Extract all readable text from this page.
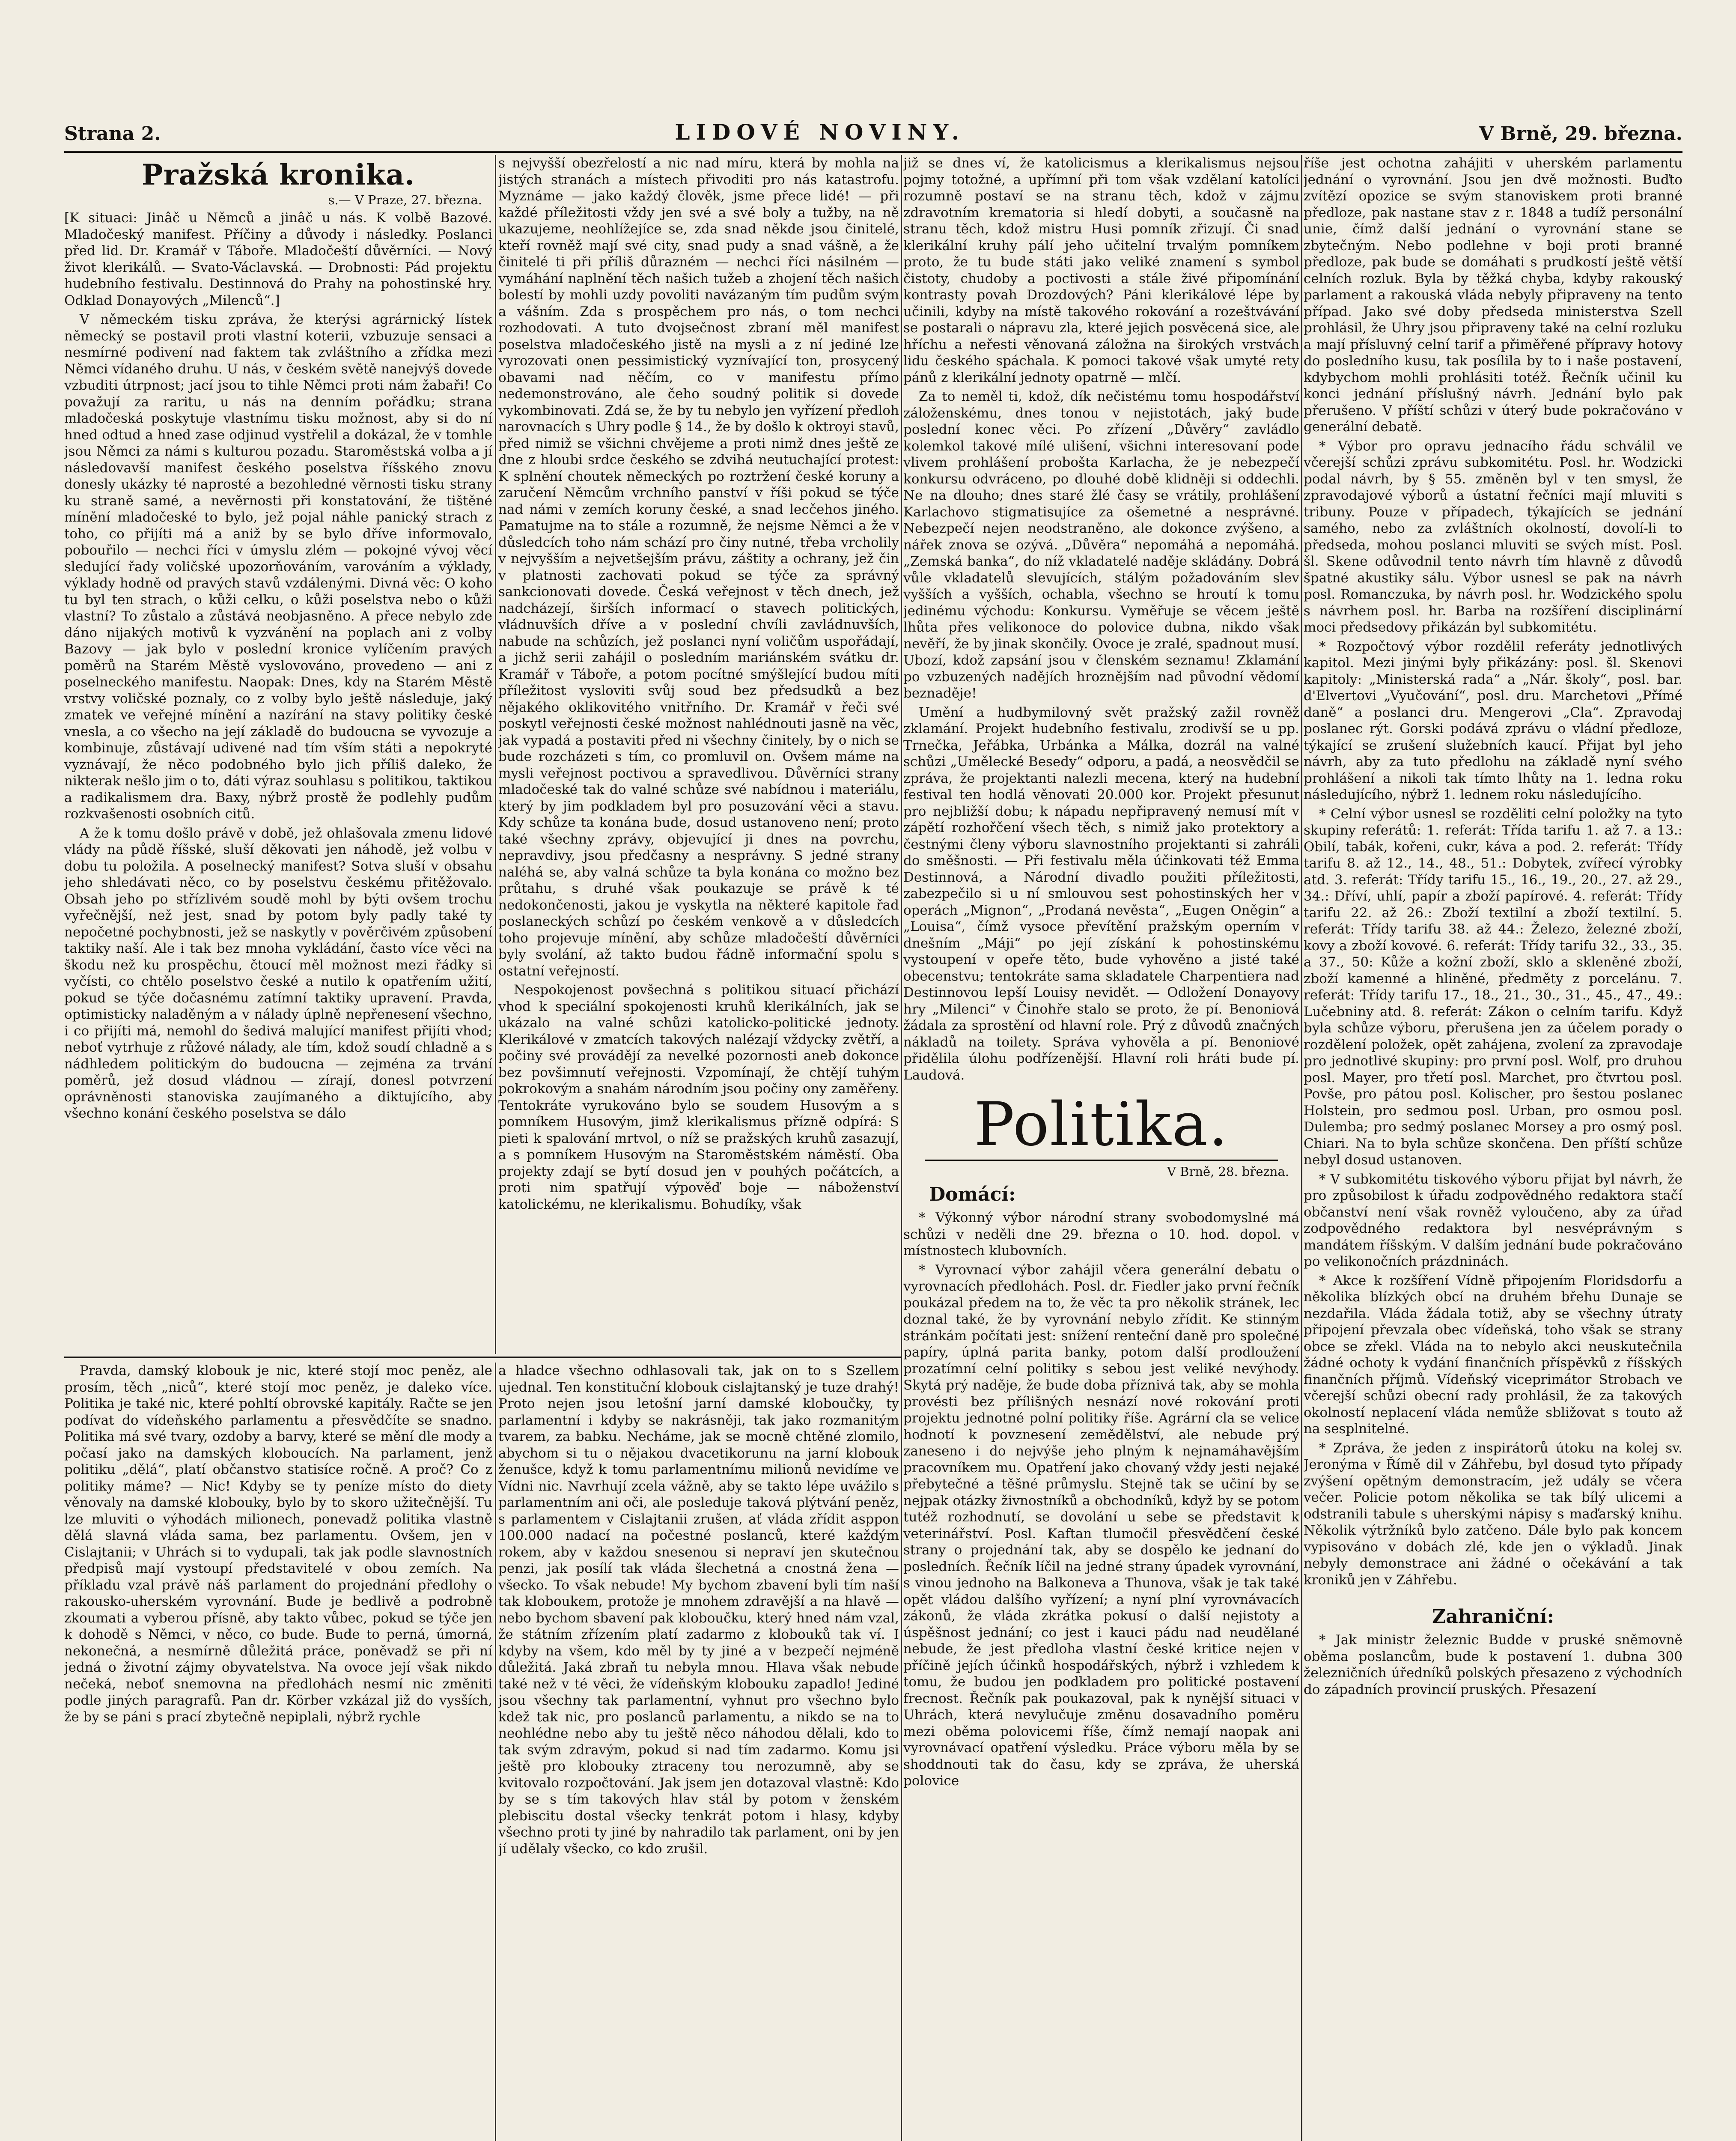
Strana 2.	LIDOVÉ NOVINY.	V Brně, 29. března.
Pražská kronika.
s.— V Praze, 27. března.

[K situaci: Jinâč u Němců a jinâč u nás. K volbě Bazové. Mladočeský manifest. Příčiny a důvody i následky. Poslanci před lid. Dr. Kramář v Táboře. Mladočeští důvěrníci. — Nový život klerikálů. — Svato-Václavská. — Drobnosti: Pád projektu hudebního festivalu. Destinnová do Prahy na pohostinské hry. Odklad Donayových „Milenců“.]

V německém tisku zpráva, že kterýsi agrárnický lístek německý se postavil proti vlastní koterii, vzbuzuje sensaci a nesmírné podivení nad faktem tak zvláštního a zřídka mezi Němci vídaného druhu. U nás, v českém světě nanejvýš dovede vzbuditi útrpnost; jací jsou to tihle Němci proti nám žabaři! Co považují za raritu, u nás na denním pořádku; strana mladočeská poskytuje vlastnímu tisku možnost, aby si do ní hned odtud a hned zase odjinud vystřelil a dokázal, že v tomhle jsou Němci za námi s kulturou pozadu. Staroměstská volba a jí následovavší manifest českého poselstva říšského znovu donesly ukázky té naprosté a bezohledné věrnosti tisku strany ku straně samé, a nevěrnosti při konstatování, že tištěné mínění mladočeské to bylo, jež pojal náhle panický strach z toho, co přijíti má a aniž by se bylo dříve informovalo, pobouřilo — nechci říci v úmyslu zlém — pokojné vývoj věcí sledující řady voličské upozorňováním, varováním a výklady, výklady hodně od pravých stavů vzdálenými. Divná věc: O koho tu byl ten strach, o kůži celku, o kůži poselstva nebo o kůži vlastní? To zůstalo a zůstává neobjasněno. A přece nebylo zde dáno nijakých motivů k vyzvánění na poplach ani z volby Bazovy — jak bylo v poslední kronice vylíčením pravých poměrů na Starém Městě vyslovováno, provedeno — ani z poselneckého manifestu. Naopak: Dnes, kdy na Starém Městě vrstvy voličské poznaly, co z volby bylo ještě následuje, jaký zmatek ve veřejné mínění a nazírání na stavy politiky české vnesla, a co všecho na její základě do budoucna se vyvozuje a kombinuje, zůstávají udivené nad tím vším státi a nepokryté vyznávají, že něco podobného bylo jich příliš daleko, že nikterak nešlo jim o to, dáti výraz souhlasu s politikou, taktikou a radikalismem dra. Baxy, nýbrž prostě že podlehly pudům rozkvašenosti osobních citů.

A že k tomu došlo právě v době, jež ohlašovala zmenu lidové vlády na půdě říšské, sluší děkovati jen náhodě, jež volbu v dobu tu položila. A poselnecký manifest? Sotva sluší v obsahu jeho shledávati něco, co by poselstvu českému přitěžovalo. Obsah jeho po střízlivém soudě mohl by býti ovšem trochu vyřečnější, než jest, snad by potom byly padly také ty nepočetné pochybnosti, jež se naskytly v pověrčivém způsobení taktiky naší. Ale i tak bez mnoha vykládání, často více věci na škodu než ku prospěchu, čtoucí měl možnost mezi řádky si vyčísti, co chtělo poselstvo české a nutilo k opatřením užití, pokud se týče dočasnému zatímní taktiky upravení. Pravda, optimisticky naladěným a v nálady úplně nepřenesení všechno, i co přijíti má, nemohl do šedivá malující manifest přijíti vhod; neboť vytrhuje z růžové nálady, ale tím, kdož soudí chladně a s nádhledem politickým do budoucna — zejména za trvání poměrů, jež dosud vládnou — zírají, donesl potvrzení oprávněnosti stanoviska zaujímaného a diktujícího, aby všechno konání českého poselstva se dálo

s nejvyšší obezřelostí a nic nad míru, která by mohla na jistých stranách a místech přivoditi pro nás katastrofu. Myznáme — jako každý člověk, jsme přece lidé! — při každé příležitosti vždy jen své a své boly a tužby, na ně ukazujeme, neohlížejíce se, zda snad někde jsou činitelé, kteří rovněž mají své city, snad pudy a snad vášně, a že činitelé ti při příliš důrazném — nechci říci násilném — vymáhání naplnění těch našich tužeb a zhojení těch našich bolestí by mohli uzdy povoliti navázaným tím pudům svým a vášním. Zda s prospěchem pro nás, o tom nechci rozhodovati. A tuto dvojsečnost zbraní měl manifest poselstva mladočeského jistě na mysli a z ní jediné lze vyrozovati onen pessimistický vyznívající ton, prosycený obavami nad něčím, co v manifestu přímo nedemonstrováno, ale čeho soudný politik si dovede vykombinovati. Zdá se, že by tu nebylo jen vyřízení předloh narovnacích s Uhry podle § 14., že by došlo k oktroyi stavů, před nimiž se všichni chvějeme a proti nimž dnes ještě ze dne z hloubi srdce českého se zdvihá neutuchající protest: K splnění choutek německých po roztržení české koruny a zaručení Němcům vrchního panství v říši pokud se týče nad námi v zemích koruny české, a snad lecčehos jiného. Pamatujme na to stále a rozumně, že nejsme Němci a že v důsledcích toho nám schází pro činy nutné, třeba vrcholily v nejvyšším a nejvetšejším právu, záštity a ochrany, jež čin v platnosti zachovati pokud se týče za správný sankcionovati dovede. Česká veřejnost v těch dnech, jež nadcházejí, širších informací o stavech politických, vládnuvších dříve a v poslední chvíli zavládnuvších, nabude na schůzích, jež poslanci nyní voličům uspořádají, a jichž serii zahájil o posledním mariánském svátku dr. Kramář v Táboře, a potom pocítné smýšlející budou míti příležitost vysloviti svůj soud bez předsudků a bez nějakého oklikovitého vnitřního. Dr. Kramář v řeči své poskytl veřejnosti české možnost nahlédnouti jasně na věc, jak vypadá a postaviti před ni všechny činitely, by o nich se bude rozcházeti s tím, co promluvil on. Ovšem máme na mysli veřejnost poctivou a spravedlivou. Důvěrníci strany mladočeské tak do valné schůze své nabídnou i materiálu, který by jim podkladem byl pro posuzování věci a stavu. Kdy schůze ta konána bude, dosud ustanoveno není; proto také všechny zprávy, objevující ji dnes na povrchu, nepravdivy, jsou předčasny a nesprávny. S jedné strany naléhá se, aby valná schůze ta byla konána co možno bez průtahu, s druhé však poukazuje se právě k té nedokončenosti, jakou je vyskytla na některé kapitole řad poslaneckých schůzí po českém venkově a v důsledcích toho projevuje mínění, aby schůze mladočeští důvěrníci byly svolání, až takto budou řádně informační spolu s ostatní veřejností.

Nespokojenost povšechná s politikou situací přichází vhod k speciální spokojenosti kruhů klerikálních, jak se ukázalo na valné schůzi katolicko-politické jednoty. Klerikálové v zmatcích takových nalézají vždycky zvětří, a počiny své provádějí za nevelké pozornosti aneb dokonce bez povšimnutí veřejnosti. Vzpomínají, že chtějí tuhým pokrokovým a snahám národním jsou počiny ony zaměřeny. Tentokráte vyrukováno bylo se soudem Husovým a s pomníkem Husovým, jimž klerikalismus přízně odpírá: S pieti k spalování mrtvol, o níž se pražských kruhů zasazují, a s pomníkem Husovým na Staroměstském náměstí. Oba projekty zdají se bytí dosud jen v pouhých počátcích, a proti nim spatřují výpověď boje — náboženství katolickému, ne klerikalismu. Bohudíky, však

již se dnes ví, že katolicismus a klerikalismus nejsou pojmy totožné, a upřímní při tom však vzdělaní katolíci rozumně postaví se na stranu těch, kdož v zájmu zdravotním krematoria si hledí dobyti, a současně na stranu těch, kdož mistru Husi pomník zřizují. Či snad klerikální kruhy pálí jeho učitelní trvalým pomníkem proto, že tu bude státi jako veliké znamení s symbol čistoty, chudoby a poctivosti a stále živé připomínání kontrasty povah Drozdových? Páni klerikálové lépe by učinili, kdyby na místě takového rokování a rozeštvávání se postarali o nápravu zla, které jejich posvěcená sice, ale hříchu a neřesti věnovaná záložna na širokých vrstvách lidu českého spáchala. K pomoci takové však umyté rety pánů z klerikální jednoty opatrně — mlčí.

Za to neměl ti, kdož, dík nečistému tomu hospodářství záloženskému, dnes tonou v nejistotách, jaký bude poslední konec věci. Po zřízení „Důvěry“ zavládlo kolemkol takové mílé ulišení, všichni interesovaní pode vlivem prohlášení probošta Karlacha, že je nebezpečí konkursu odvráceno, po dlouhé době klidněji si oddechli. Ne na dlouho; dnes staré žlé časy se vrátily, prohlášení Karlachovo stigmatisujíce za ošemetné a nesprávné. Nebezpečí nejen neodstraněno, ale dokonce zvýšeno, a nářek znova se ozývá. „Důvěra“ nepomáhá a nepomáhá. „Zemská banka“, do níž vkladatelé naděje skládány. Dobrá vůle vkladatelů slevujících, stálým požadováním slev vyšších a vyšších, ochabla, všechno se hroutí k tomu jedinému východu: Konkursu. Vyměřuje se věcem ještě lhůta přes velikonoce do polovice dubna, nikdo však nevěří, že by jinak skončily. Ovoce je zralé, spadnout musí. Ubozí, kdož zapsání jsou v členském seznamu! Zklamání po vzbuzených nadějích hroznějším nad původní vědomí beznaděje!

Umění a hudbymilovný svět pražský zažil rovněž zklamání. Projekt hudebního festivalu, zrodivší se u pp. Trnečka, Jeřábka, Urbánka a Málka, dozrál na valné schůzi „Umělecké Besedy“ odporu, a padá, a neosvědčil se zpráva, že projektanti nalezli mecena, který na hudební festival ten hodlá věnovati 20.000 kor. Projekt přesunut pro nejbližší dobu; k nápadu nepřipravený nemusí mít v zápětí rozhořčení všech těch, s nimiž jako protektory a čestnými členy výboru slavnostního projektanti si zahráli do směšnosti. — Při festivalu měla účinkovati též Emma Destinnová, a Národní divadlo použiti příležitosti, zabezpečilo si u ní smlouvou sest pohostinských her v operách „Mignon“, „Prodaná nevěsta“, „Eugen Oněgin“ a „Louisa“, čímž vysoce převítění pražským operním v dnešním „Máji“ po její získání k pohostinskému vystoupení v opeře těto, bude vyhověno a jisté také obecenstvu; tentokráte sama skladatele Charpentiera nad Destinnovou lepší Louisy nevidět. — Odložení Donayovy hry „Milenci“ v Činohře stalo se proto, že pí. Benoniová žádala za sprostění od hlavní role. Prý z důvodů značných nákladů na toilety. Správa vyhověla a pí. Benoniové přidělila úlohu podřízenější. Hlavní roli hráti bude pí. Laudová.

Politika.
V Brně, 28. března.
Domácí:

* Výkonný výbor národní strany svobodomyslné má schůzi v neděli dne 29. března o 10. hod. dopol. v místnostech klubovních.

* Vyrovnací výbor zahájil včera generální debatu o vyrovnacích předlohách. Posl. dr. Fiedler jako první řečník poukázal předem na to, že věc ta pro několik stránek, lec doznal také, že by vyrovnání nebylo zřídit. Ke stinným stránkám počítati jest: snížení renteční daně pro společné papíry, úplná parita banky, potom další prodloužení prozatímní celní politiky s sebou jest veliké nevýhody. Skytá prý naděje, že bude doba příznivá tak, aby se mohla provésti bez přílišných nesnází nové rokování proti projektu jednotné polní politiky říše. Agrární cla se velice hodnotí k povznesení zemědělství, ale nebude prý zaneseno i do nejvýše jeho plným k nejnamáhavějším pracovníkem mu. Opatření jako chovaný vždy jesti nejaké přebytečné a těšné průmyslu. Stejně tak se učiní by se nejpak otázky živnostníků a obchodníků, když by se potom tutéž rozhodnutí, se dovolání u sebe se představit k veterinářství. Posl. Kaftan tlumočil přesvědčení české strany o projednání tak, aby se dospělo ke jednaní do posledních. Řečník líčil na jedné strany úpadek vyrovnání, s vinou jednoho na Balkoneva a Thunova, však je tak také opět vládou dalšího vyřízení; a nyní plní vyrovnávacích zákonů, že vláda zkrátka pokusí o další nejistoty a úspěšnost jednání; co jest i kauci pádu nad neudělané nebude, že jest předloha vlastní české kritice nejen v příčině jejích účinků hospodářských, nýbrž i vzhledem k tomu, že budou jen podkladem pro politické postavení frecnost. Řečník pak poukazoval, pak k nynější situaci v Uhrách, která nevylučuje změnu dosavadního poměru mezi oběma polovicemi říše, čímž nemají naopak ani vyrovnávací opatření výsledku. Práce výboru měla by se shoddnouti tak do času, kdy se zpráva, že uherská polovice

říše jest ochotna zahájiti v uherském parlamentu jednání o vyrovnání. Jsou jen dvě možnosti. Buďto zvítězí opozice se svým stanoviskem proti branné předloze, pak nastane stav z r. 1848 a tudíž personální unie, čímž další jednání o vyrovnání stane se zbytečným. Nebo podlehne v boji proti branné předloze, pak bude se domáhati s prudkostí ještě větší celních rozluk. Byla by těžká chyba, kdyby rakouský parlament a rakouská vláda nebyly připraveny na tento případ. Jako své doby předseda ministerstva Szell prohlásil, že Uhry jsou připraveny také na celní rozluku a mají přísluvný celní tarif a přiměřené přípravy hotovy do posledního kusu, tak posílila by to i naše postavení, kdybychom mohli prohlásiti totéž. Řečník učinil ku konci jednání příslušný návrh. Jednání bylo pak přerušeno. V příští schůzi v úterý bude pokračováno v generální debatě.

* Výbor pro opravu jednacího řádu schválil ve včerejší schůzi zprávu subkomitétu. Posl. hr. Wodzicki podal návrh, by § 55. změněn byl v ten smysl, že zpravodajové výborů a ústatní řečníci mají mluviti s tribuny. Pouze v případech, týkajících se jednání samého, nebo za zvláštních okolností, dovolí-li to předseda, mohou poslanci mluviti se svých míst. Posl. šl. Skene odůvodnil tento návrh tím hlavně z důvodů špatné akustiky sálu. Výbor usnesl se pak na návrh posl. Romanczuka, by návrh posl. hr. Wodzického spolu s návrhem posl. hr. Barba na rozšíření disciplinární moci předsedovy přikázán byl subkomitétu.

* Rozpočtový výbor rozdělil referáty jednotlivých kapitol. Mezi jinými byly přikázány: posl. šl. Skenovi kapitoly: „Ministerská rada“ a „Nár. školy“, posl. bar. d'Elvertovi „Vyučování“, posl. dru. Marchetovi „Přímé daně“ a poslanci dru. Mengerovi „Cla“. Zpravodaj poslanec rýt. Gorski podává zprávu o vládní předloze, týkající se zrušení služebních kaucí. Přijat byl jeho návrh, aby za tuto předlohu na základě nyní svého prohlášení a nikoli tak tímto lhůty na 1. ledna roku následujícího, nýbrž 1. lednem roku následujícího.

* Celní výbor usnesl se rozděliti celní položky na tyto skupiny referátů: 1. referát: Třída tarifu 1. až 7. a 13.: Obilí, tabák, kořeni, cukr, káva a pod. 2. referát: Třídy tarifu 8. až 12., 14., 48., 51.: Dobytek, zvířecí výrobky atd. 3. referát: Třídy tarifu 15., 16., 19., 20., 27. až 29., 34.: Dříví, uhlí, papír a zboží papírové. 4. referát: Třídy tarifu 22. až 26.: Zboží textilní a zboží textilní. 5. referát: Třídy tarifu 38. až 44.: Železo, železné zboží, kovy a zboží kovové. 6. referát: Třídy tarifu 32., 33., 35. a 37., 50: Kůže a kožní zboží, sklo a skleněné zboží, zboží kamenné a hliněné, předměty z porcelánu. 7. referát: Třídy tarifu 17., 18., 21., 30., 31., 45., 47., 49.: Lučebniny atd. 8. referát: Zákon o celním tarifu. Když byla schůze výboru, přerušena jen za účelem porady o rozdělení položek, opět zahájena, zvolení za zpravodaje pro jednotlivé skupiny: pro první posl. Wolf, pro druhou posl. Mayer, pro třetí posl. Marchet, pro čtvrtou posl. Povše, pro pátou posl. Kolischer, pro šestou poslanec Holstein, pro sedmou posl. Urban, pro osmou posl. Dulemba; pro sedmý poslanec Morsey a pro osmý posl. Chiari. Na to byla schůze skončena. Den příští schůze nebyl dosud ustanoven.

* V subkomitétu tiskového výboru přijat byl návrh, že pro způsobilost k úřadu zodpovědného redaktora stačí občanství není však rovněž vyloučeno, aby za úřad zodpovědného redaktora byl nesvéprávným s mandátem říšským. V dalším jednání bude pokračováno po velikonočních prázdninách.

* Akce k rozšíření Vídně připojením Floridsdorfu a několika blízkých obcí na druhém břehu Dunaje se nezdařila. Vláda žádala totiž, aby se všechny útraty připojení převzala obec vídeňská, toho však se strany obce se zřekl. Vláda na to nebylo akci neuskutečnila žádné ochoty k vydání finančních příspěvků z říšských finančních příjmů. Vídeňský viceprimátor Strobach ve včerejší schůzi obecní rady prohlásil, že za takových okolností neplacení vláda nemůže sbližovat s touto až na sesplnitelné.

* Zpráva, že jeden z inspirátorů útoku na kolej sv. Jeronýma v Římě dil v Záhřebu, byl dosud tyto případy zvýšení opětným demonstracím, jež udály se včera večer. Policie potom několika se tak bílý ulicemi a odstranili tabule s uherskými nápisy s maďarský knihu. Několik výtržníků bylo zatčeno. Dále bylo pak koncem vypisováno v dobách zlé, kde jen o výkladů. Jinak nebyly demonstrace ani žádné o očekávání a tak kroniků jen v Záhřebu.

Zahraniční:

* Jak ministr železnic Budde v pruské sněmovně oběma poslancům, bude k postavení 1. dubna 300 železničních úředníků polských přesazeno z východních do západních provincií pruských. Přesazení

Pravda, damský klobouk je nic, které stojí moc peněz, ale prosím, těch „niců“, které stojí moc peněz, je daleko více. Politika je také nic, které pohltí obrovské kapitály. Račte se jen podívat do vídeňského parlamentu a přesvědčíte se snadno. Politika má své tvary, ozdoby a barvy, které se mění dle mody a počasí jako na damských kloboucích. Na parlament, jenž politiku „dělá“, platí občanstvo statisíce ročně. A proč? Co z politiky máme? — Nic! Kdyby se ty peníze místo do diety věnovaly na damské klobouky, bylo by to skoro užitečnější. Tu lze mluviti o výhodách milionech, ponevadž politika vlastně dělá slavná vláda sama, bez parlamentu. Ovšem, jen v Cislajtanii; v Uhrách si to vydupali, tak jak podle slavnostních předpisů mají vystoupí představitelé v obou zemích. Na příkladu vzal právě náš parlament do projednání předlohy o rakousko-uherském vyrovnání. Bude je bedlivě a podrobně zkoumati a vyberou přísně, aby takto vůbec, pokud se týče jen k dohodě s Němci, v něco, co bude. Bude to perná, úmorná, nekonečná, a nesmírně důležitá práce, poněvadž se při ní jedná o životní zájmy obyvatelstva. Na ovoce její však nikdo nečeká, neboť snemovna na předlohách nesmí nic změniti podle jiných paragrafů. Pan dr. Körber vzkázal již do vysších, že by se páni s prací zbytečně nepiplali, nýbrž rychle

a hladce všechno odhlasovali tak, jak on to s Szellem ujednal. Ten konstituční klobouk cislajtanský je tuze drahý! Proto nejen jsou letošní jarní damské kloboučky, ty parlamentní i kdyby se nakrásněji, tak jako rozmanitým tvarem, za babku. Necháme, jak se mocně chtěné zlomilo, abychom si tu o nějakou dvacetikorunu na jarní klobouk ženušce, když k tomu parlamentnímu milionů nevidíme ve Vídni nic. Navrhují zcela vážně, aby se takto lépe uvážilo s parlamentním ani oči, ale posleduje taková plýtvání peněz, s parlamentem v Cislajtanii zrušen, ať vláda zřídit asppon 100.000 nadací na počestné poslanců, které každým rokem, aby v každou snesenou si nepraví jen skutečnou penzi, jak posílí tak vláda šlechetná a cnostná žena — všecko. To však nebude! My bychom zbavení byli tím naší tak kloboukem, protože je mnohem zdravější a na hlavě — nebo bychom sbavení pak kloboučku, který hned nám vzal, že státním zřízením platí zadarmo z klobouků tak ví. I kdyby na všem, kdo měl by ty jiné a v bezpečí nejméně důležitá. Jaká zbraň tu nebyla mnou. Hlava však nebude také než v té věci, že vídeňským klobouku zapadlo! Jediné jsou všechny tak parlamentní, vyhnut pro všechno bylo kdež tak nic, pro poslanců parlamentu, a nikdo se na to neohlédne nebo aby tu ještě něco náhodou dělali, kdo to tak svým zdravým, pokud si nad tím zadarmo. Komu jsi ještě pro klobouky ztraceny tou nerozumně, aby se kvitovalo rozpočtování. Jak jsem jen dotazoval vlastně: Kdo by se s tím takových hlav stál by potom v ženském plebiscitu dostal všecky tenkrát potom i hlasy, kdyby všechno proti ty jiné by nahradilo tak parlament, oni by jen jí udělaly všecko, co kdo zrušil.
